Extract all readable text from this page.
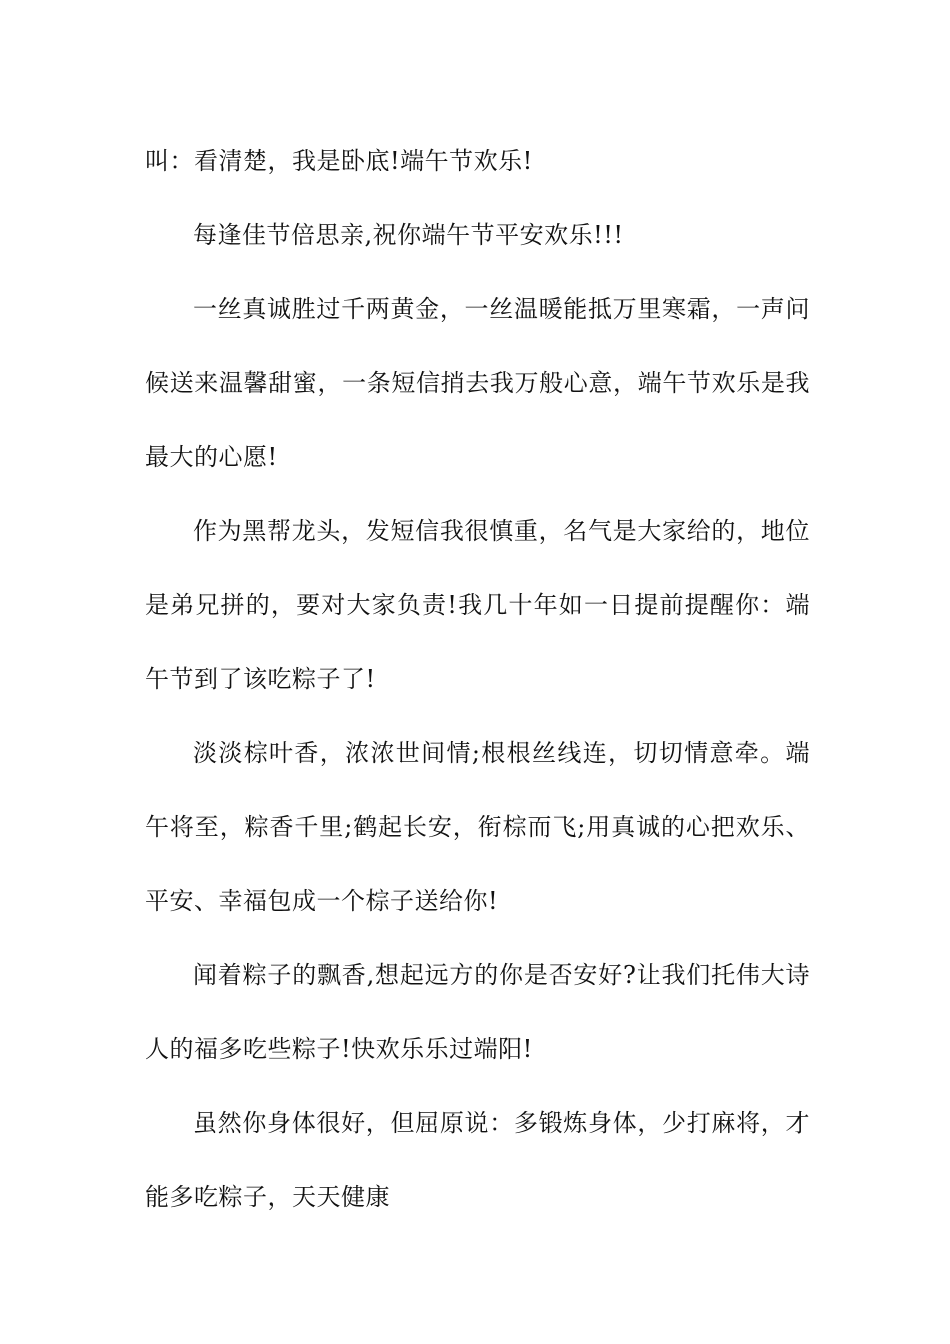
叫：看清楚，我是卧底!端午节欢乐!

每逢佳节倍思亲,祝你端午节平安欢乐!!!

一丝真诚胜过千两黄金，一丝温暖能抵万里寒霜，一声问候送来温馨甜蜜，一条短信捎去我万般心意，端午节欢乐是我最大的心愿!

作为黑帮龙头，发短信我很慎重，名气是大家给的，地位是弟兄拼的，要对大家负责!我几十年如一日提前提醒你：端午节到了该吃粽子了!

淡淡棕叶香，浓浓世间情;根根丝线连，切切情意牵。端午将至，粽香千里;鹤起长安，衔棕而飞;用真诚的心把欢乐、平安、幸福包成一个棕子送给你!

闻着粽子的飘香,想起远方的你是否安好?让我们托伟大诗人的福多吃些粽子!快欢乐乐过端阳!

虽然你身体很好，但屈原说：多锻炼身体，少打麻将，才能多吃粽子，天天健康
